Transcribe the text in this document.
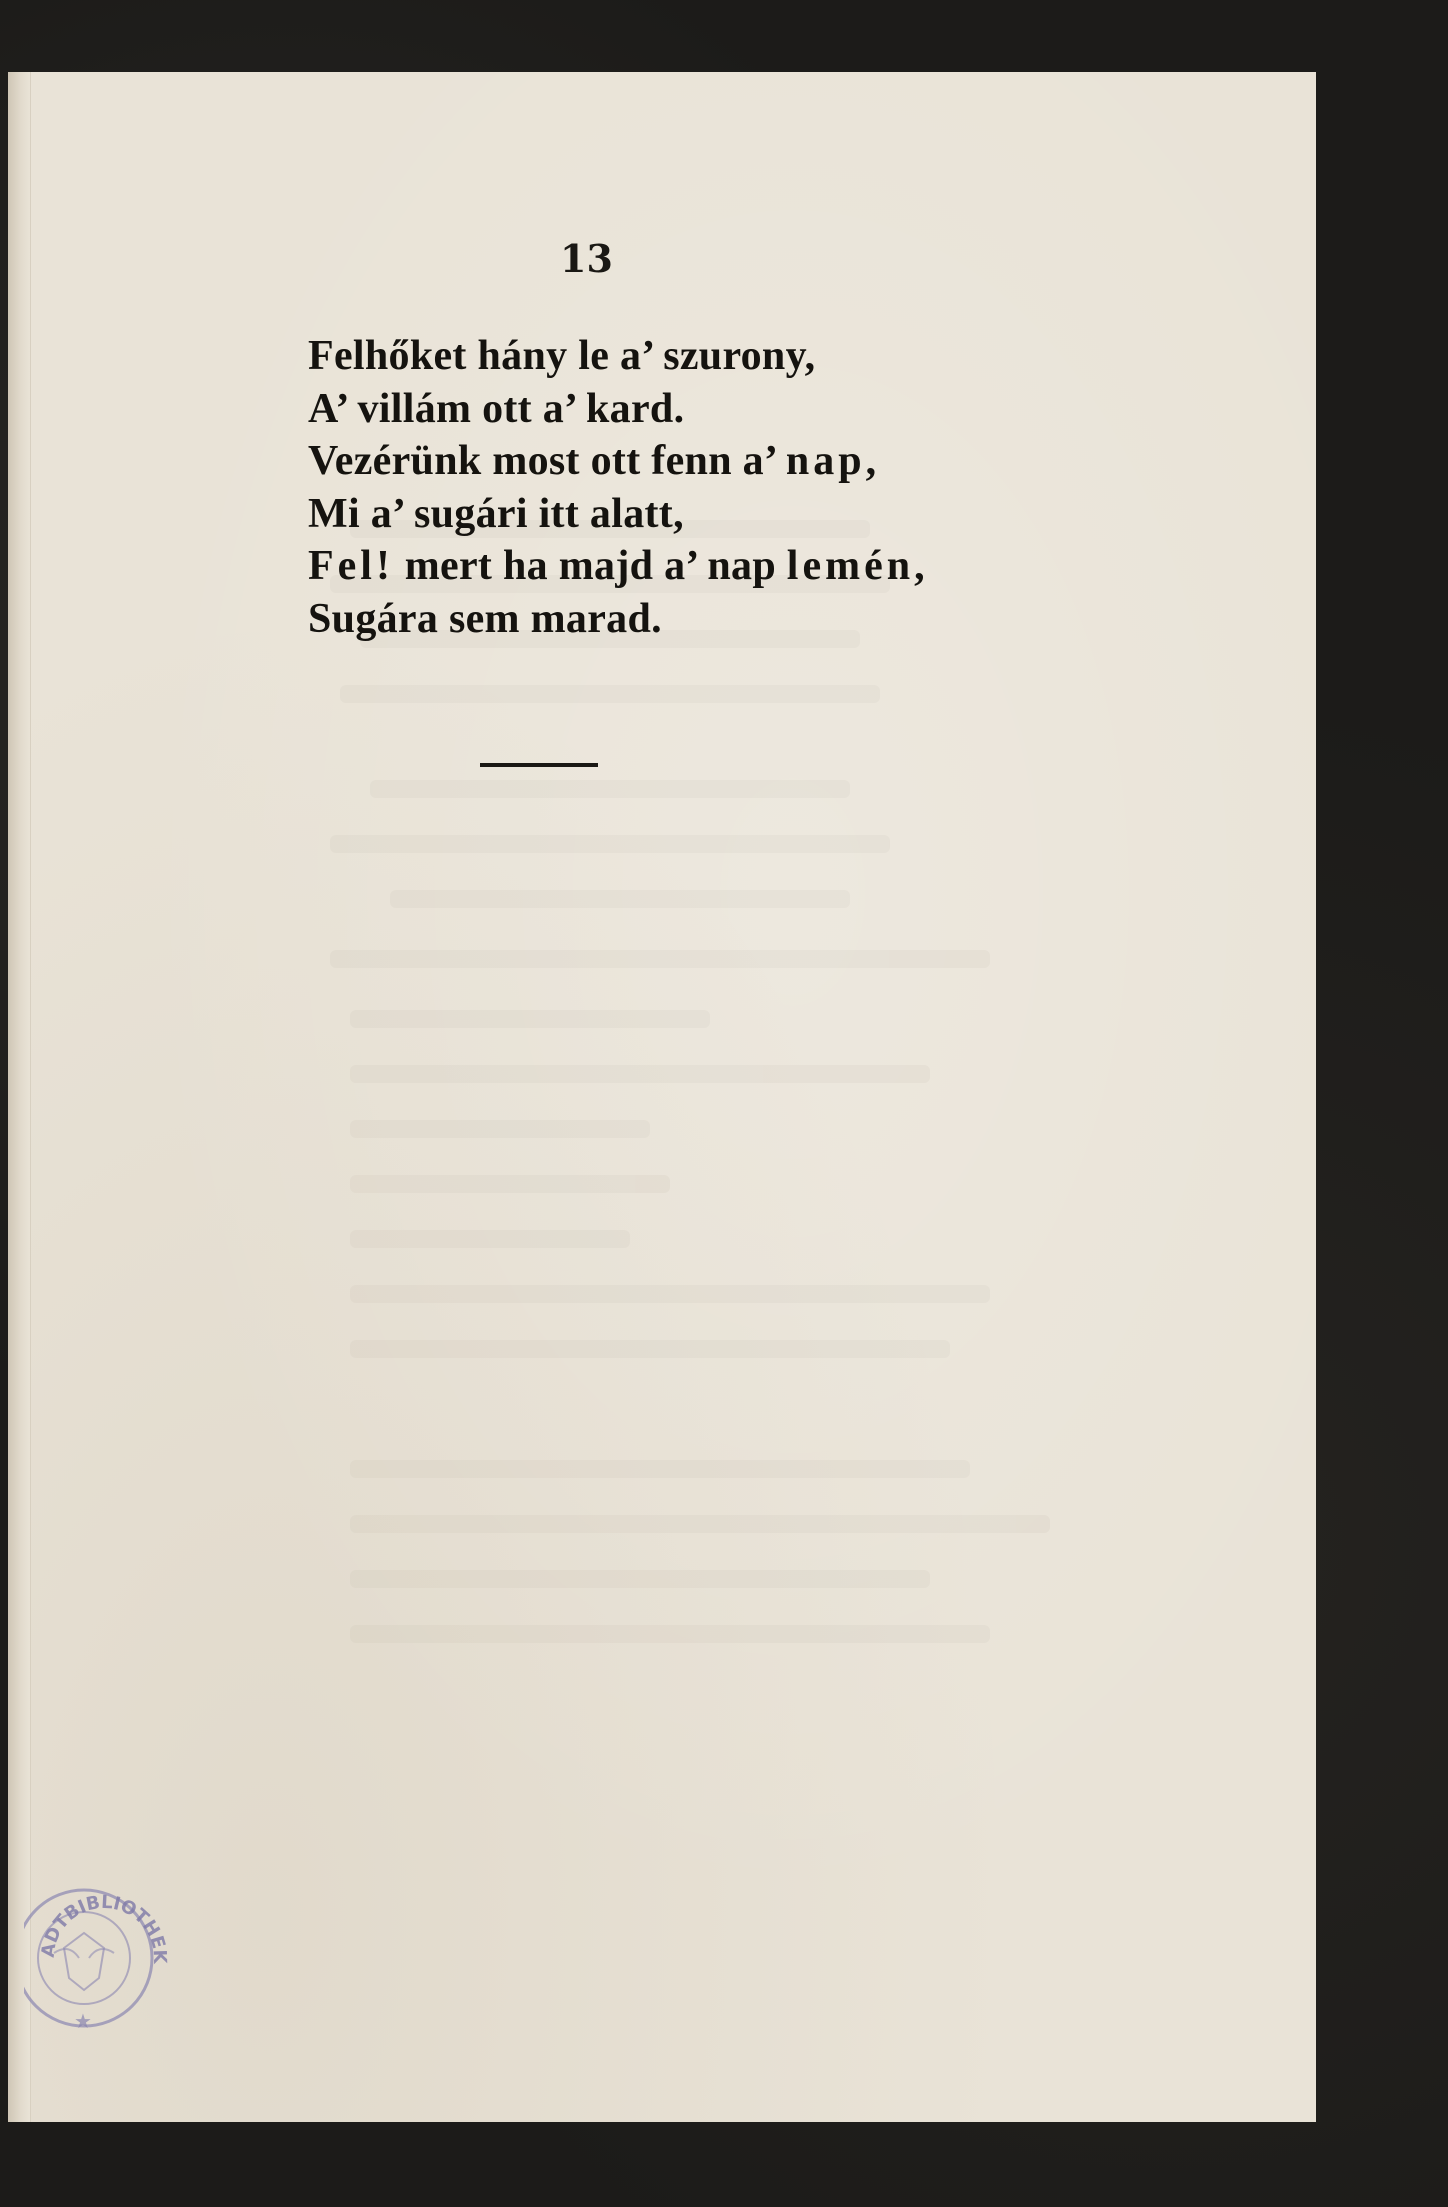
13
Felhőket hány le a’ szurony,
A’ villám ott a’ kard.
Vezérünk most ott fenn a’ nap,
Mi a’ sugári itt alatt,
Fel! mert ha majd a’ nap lemén,
Sugára sem marad.
ADTBIBLIOTHEK
★
